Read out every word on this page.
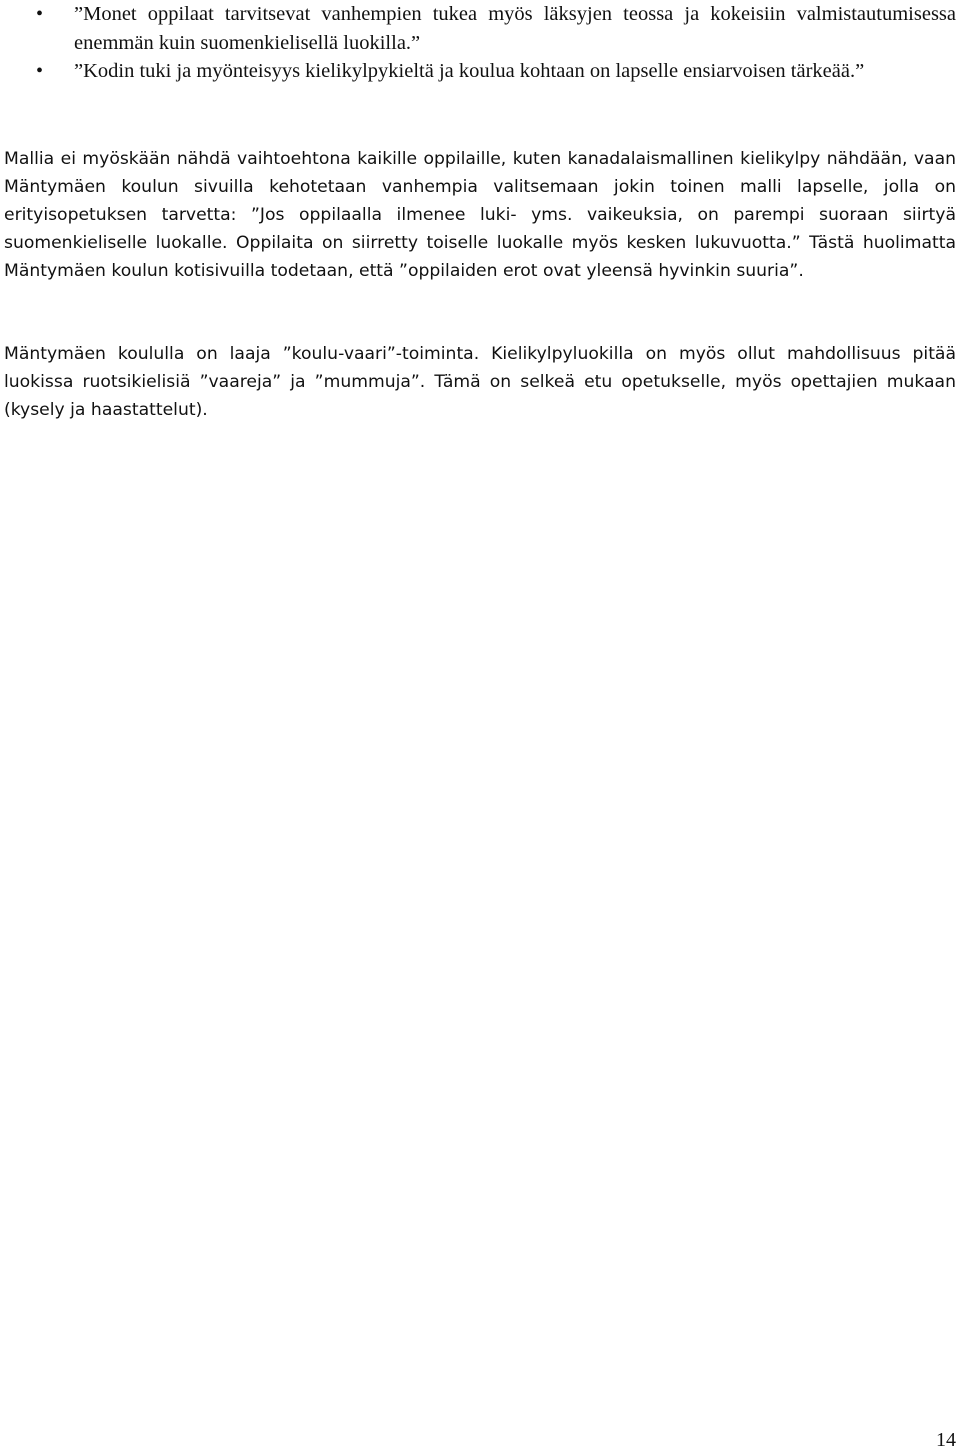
• ”Monet oppilaat tarvitsevat vanhempien tukea myös läksyjen teossa ja kokeisiin valmistautumisessa enemmän kuin suomenkielisellä luokilla.”
• ”Kodin tuki ja myönteisyys kielikylpykieltä ja koulua kohtaan on lapselle ensiarvoisen tärkeää.”

Mallia ei myöskään nähdä vaihtoehtona kaikille oppilaille, kuten kanadalaismallinen kielikylpy nähdään, vaan Mäntymäen koulun sivuilla kehotetaan vanhempia valitsemaan jokin toinen malli lapselle, jolla on erityisopetuksen tarvetta: ”Jos oppilaalla ilmenee luki- yms. vaikeuksia, on parempi suoraan siirtyä suomenkieliselle luokalle. Oppilaita on siirretty toiselle luokalle myös kesken lukuvuotta.” Tästä huolimatta Mäntymäen koulun kotisivuilla todetaan, että ”oppilaiden erot ovat yleensä hyvinkin suuria”.

Mäntymäen koululla on laaja ”koulu-vaari”-toiminta. Kielikylpyluokilla on myös ollut mahdollisuus pitää luokissa ruotsikielisiä ”vaareja” ja ”mummuja”. Tämä on selkeä etu opetukselle, myös opettajien mukaan (kysely ja haastattelut).

14
